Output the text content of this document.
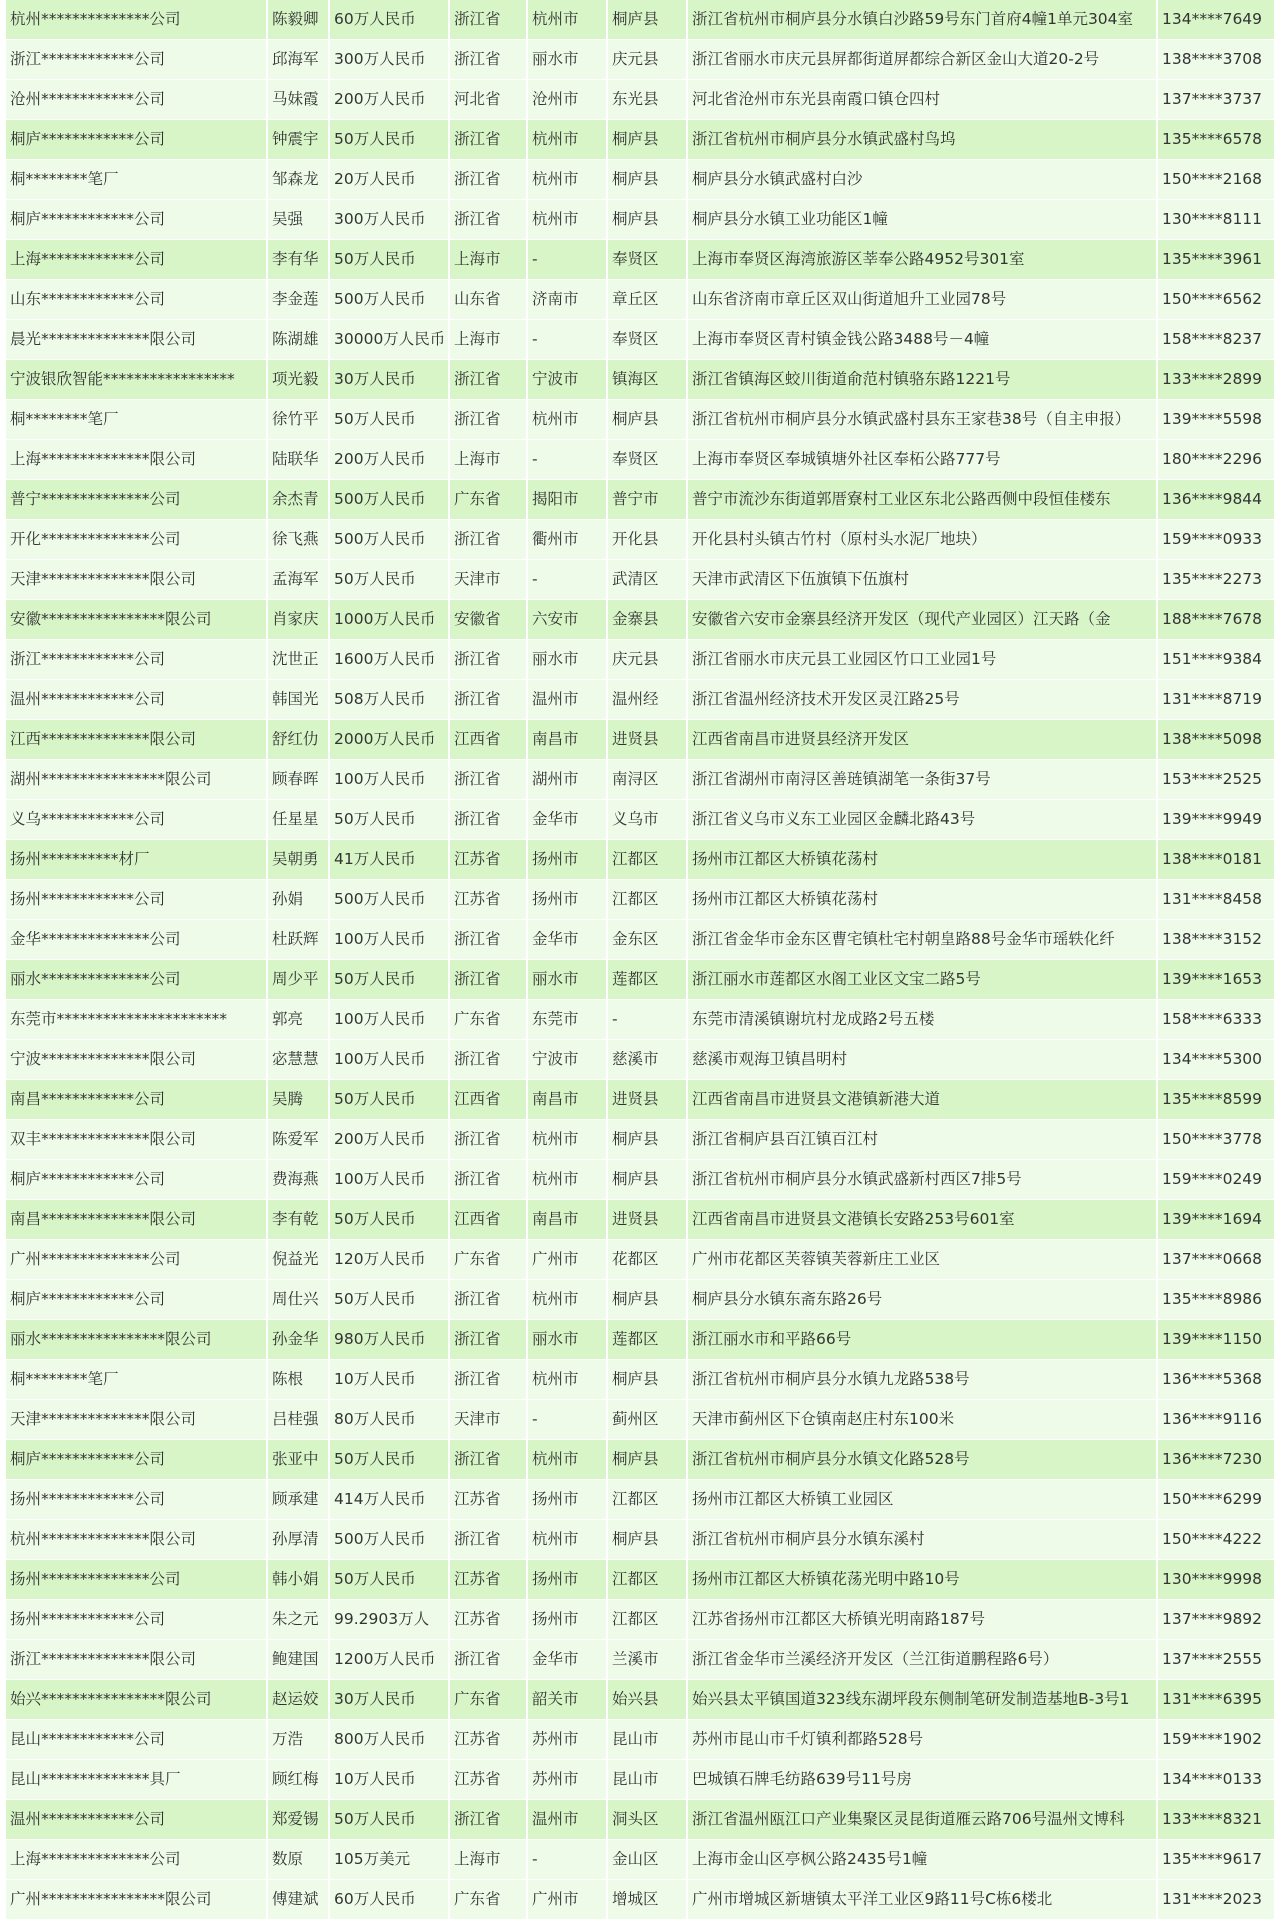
杭州**************公司	陈毅卿 60万人民币	浙江省	杭州市	桐庐县	浙江省杭州市桐庐县分水镇白沙路59号东门首府4幢1单元304室	134****7649
浙江************公司	邱海军 300万人民币	浙江省	丽水市	庆元县	浙江省丽水市庆元县屏都街道屏都综合新区金山大道20-2号	138****3708
沧州************公司	马妹霞 200万人民币	河北省	沧州市	东光县	河北省沧州市东光县南霞口镇仓四村	137****3737
桐庐************公司	钟震宇 50万人民币	浙江省	杭州市	桐庐县	浙江省杭州市桐庐县分水镇武盛村鸟坞	135****6578
桐********笔厂	邹森龙 20万人民币	浙江省	杭州市	桐庐县	桐庐县分水镇武盛村白沙	150****2168
桐庐************公司	吴强	300万人民币	浙江省	杭州市	桐庐县	桐庐县分水镇工业功能区1幢	130****8111
上海************公司	李有华 50万人民币	上海市	-	奉贤区	上海市奉贤区海湾旅游区莘奉公路4952号301室	135****3961
山东************公司	李金莲 500万人民币	山东省	济南市	章丘区	山东省济南市章丘区双山街道旭升工业园78号	150****6562
晨光**************限公司	陈湖雄 30000万人民币 上海市	-	奉贤区	上海市奉贤区青村镇金钱公路3488号－4幢	158****8237
宁波银欣智能*****************	项光毅 30万人民币	浙江省	宁波市	镇海区	浙江省镇海区蛟川街道俞范村镇骆东路1221号	133****2899
桐********笔厂	徐竹平 50万人民币	浙江省	杭州市	桐庐县	浙江省杭州市桐庐县分水镇武盛村县东王家巷38号（自主申报）	139****5598
上海**************限公司	陆联华 200万人民币	上海市	-	奉贤区	上海市奉贤区奉城镇塘外社区奉柘公路777号	180****2296
普宁**************公司	余杰青 500万人民币	广东省	揭阳市	普宁市	普宁市流沙东街道郭厝寮村工业区东北公路西侧中段恒佳楼东	136****9844
开化**************公司	徐飞燕 500万人民币	浙江省	衢州市	开化县	开化县村头镇古竹村（原村头水泥厂地块）	159****0933
天津**************限公司	孟海军 50万人民币	天津市	-	武清区	天津市武清区下伍旗镇下伍旗村	135****2273
安徽****************限公司	肖家庆 1000万人民币	安徽省	六安市	金寨县	安徽省六安市金寨县经济开发区（现代产业园区）江天路（金	188****7678
浙江************公司	沈世正 1600万人民币	浙江省	丽水市	庆元县	浙江省丽水市庆元县工业园区竹口工业园1号	151****9384
温州************公司	韩国光 508万人民币	浙江省	温州市	温州经	浙江省温州经济技术开发区灵江路25号	131****8719
江西**************限公司	舒红仂 2000万人民币	江西省	南昌市	进贤县	江西省南昌市进贤县经济开发区	138****5098
湖州****************限公司	顾春晖 100万人民币	浙江省	湖州市	南浔区	浙江省湖州市南浔区善琏镇湖笔一条街37号	153****2525
义乌************公司	任星星 50万人民币	浙江省	金华市	义乌市	浙江省义乌市义东工业园区金麟北路43号	139****9949
扬州**********材厂	吴朝勇 41万人民币	江苏省	扬州市	江都区	扬州市江都区大桥镇花荡村	138****0181
扬州************公司	孙娟	500万人民币	江苏省	扬州市	江都区	扬州市江都区大桥镇花荡村	131****8458
金华**************公司	杜跃辉 100万人民币	浙江省	金华市	金东区	浙江省金华市金东区曹宅镇杜宅村朝皇路88号金华市瑶轶化纤	138****3152
丽水**************公司	周少平 50万人民币	浙江省	丽水市	莲都区	浙江丽水市莲都区水阁工业区文宝二路5号	139****1653
东莞市**********************	郭亮	100万人民币	广东省	东莞市	-	东莞市清溪镇谢坑村龙成路2号五楼	158****6333
宁波**************限公司	宓慧慧 100万人民币	浙江省	宁波市	慈溪市	慈溪市观海卫镇昌明村	134****5300
南昌************公司	吴腾	50万人民币	江西省	南昌市	进贤县	江西省南昌市进贤县文港镇新港大道	135****8599
双丰**************限公司	陈爱军 200万人民币	浙江省	杭州市	桐庐县	浙江省桐庐县百江镇百江村	150****3778
桐庐************公司	费海燕 100万人民币	浙江省	杭州市	桐庐县	浙江省杭州市桐庐县分水镇武盛新村西区7排5号	159****0249
南昌**************限公司	李有乾 50万人民币	江西省	南昌市	进贤县	江西省南昌市进贤县文港镇长安路253号601室	139****1694
广州**************公司	倪益光 120万人民币	广东省	广州市	花都区	广州市花都区芙蓉镇芙蓉新庄工业区	137****0668
桐庐************公司	周仕兴 50万人民币	浙江省	杭州市	桐庐县	桐庐县分水镇东斋东路26号	135****8986
丽水****************限公司	孙金华 980万人民币	浙江省	丽水市	莲都区	浙江丽水市和平路66号	139****1150
桐********笔厂	陈根	10万人民币	浙江省	杭州市	桐庐县	浙江省杭州市桐庐县分水镇九龙路538号	136****5368
天津**************限公司	吕桂强 80万人民币	天津市	-	蓟州区	天津市蓟州区下仓镇南赵庄村东100米	136****9116
桐庐************公司	张亚中 50万人民币	浙江省	杭州市	桐庐县	浙江省杭州市桐庐县分水镇文化路528号	136****7230
扬州************公司	顾承建 414万人民币	江苏省	扬州市	江都区	扬州市江都区大桥镇工业园区	150****6299
杭州**************限公司	孙厚清 500万人民币	浙江省	杭州市	桐庐县	浙江省杭州市桐庐县分水镇东溪村	150****4222
扬州**************公司	韩小娟 50万人民币	江苏省	扬州市	江都区	扬州市江都区大桥镇花荡光明中路10号	130****9998
扬州************公司	朱之元 99.2903万人	江苏省	扬州市	江都区	江苏省扬州市江都区大桥镇光明南路187号	137****9892
浙江**************限公司	鲍建国 1200万人民币	浙江省	金华市	兰溪市	浙江省金华市兰溪经济开发区（兰江街道鹏程路6号）	137****2555
始兴****************限公司	赵运姣 30万人民币	广东省	韶关市	始兴县	始兴县太平镇国道323线东湖坪段东侧制笔研发制造基地B-3号1	131****6395
昆山************公司	万浩	800万人民币	江苏省	苏州市	昆山市	苏州市昆山市千灯镇利都路528号	159****1902
昆山**************具厂	顾红梅 10万人民币	江苏省	苏州市	昆山市	巴城镇石牌毛纺路639号11号房	134****0133
温州************公司	郑爱锡 50万人民币	浙江省	温州市	洞头区	浙江省温州瓯江口产业集聚区灵昆街道雁云路706号温州文博科	133****8321
上海**************公司	数原	105万美元	上海市	-	金山区	上海市金山区亭枫公路2435号1幢	135****9617
广州****************限公司	傅建斌 60万人民币	广东省	广州市	增城区	广州市增城区新塘镇太平洋工业区9路11号C栋6楼北	131****2023
